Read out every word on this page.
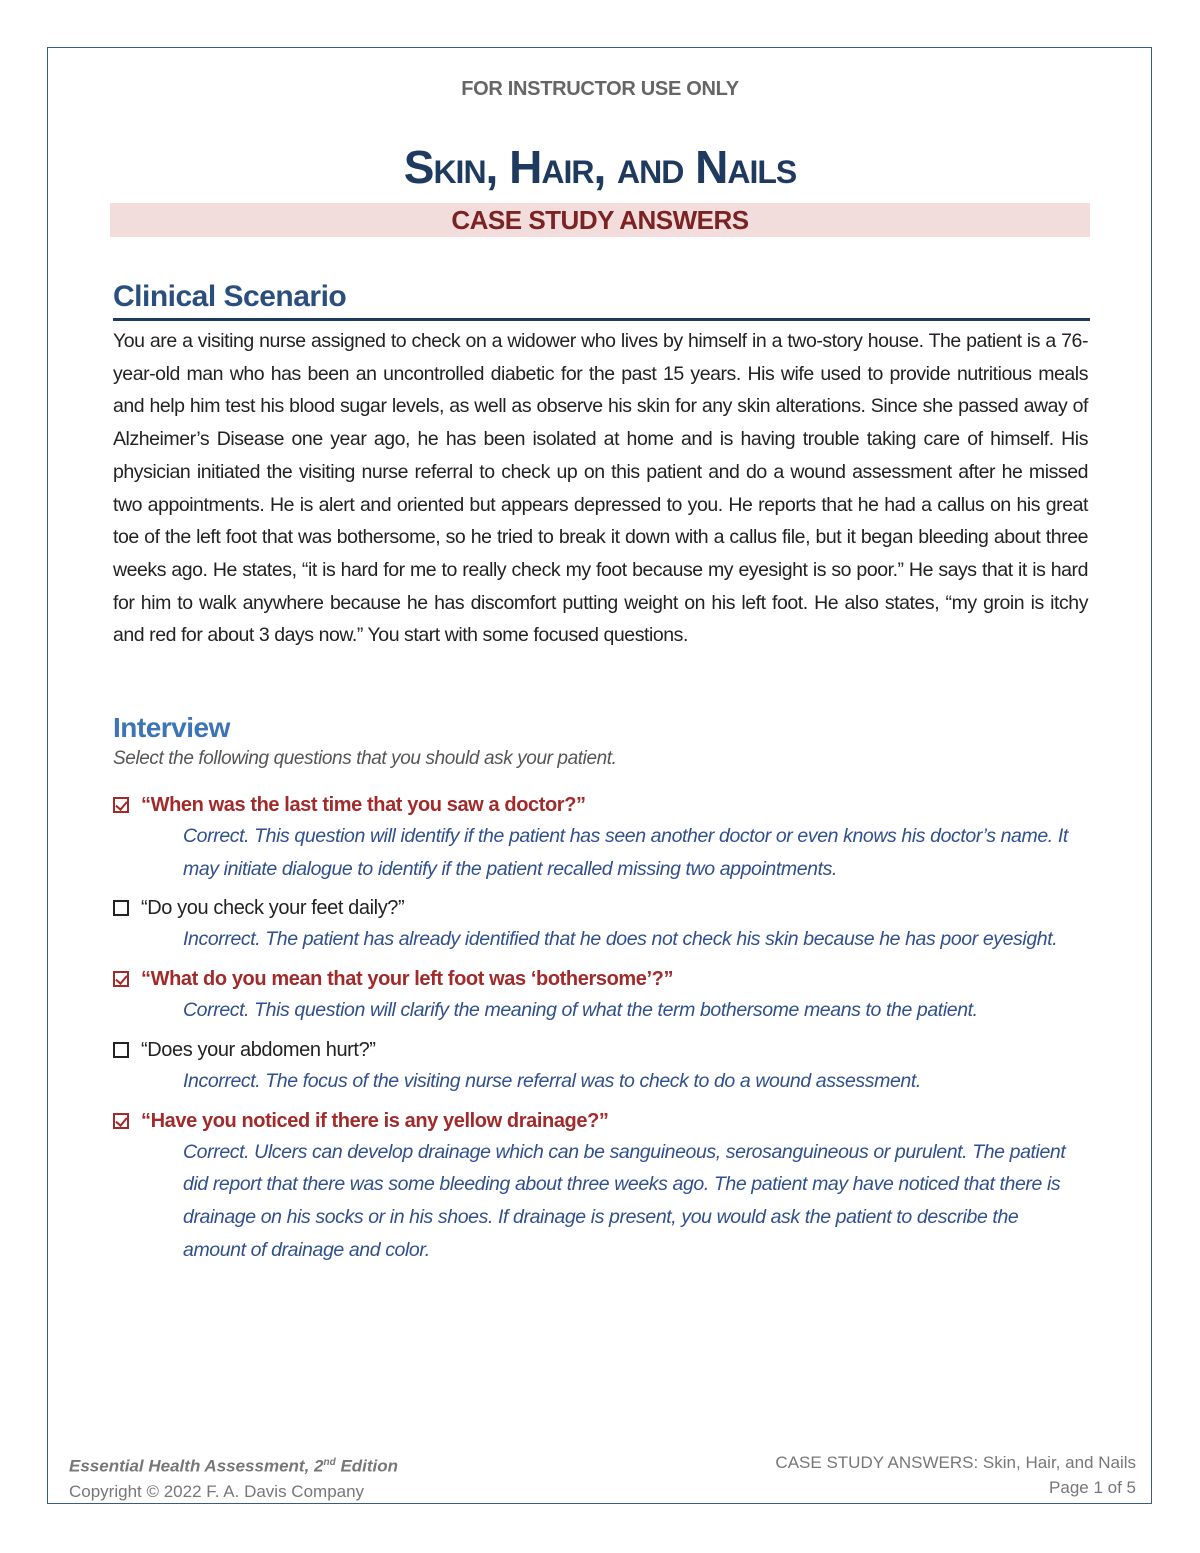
FOR INSTRUCTOR USE ONLY
Skin, Hair, and Nails
CASE STUDY ANSWERS
Clinical Scenario
You are a visiting nurse assigned to check on a widower who lives by himself in a two-story house. The patient is a 76-year-old man who has been an uncontrolled diabetic for the past 15 years. His wife used to provide nutritious meals and help him test his blood sugar levels, as well as observe his skin for any skin alterations. Since she passed away of Alzheimer’s Disease one year ago, he has been isolated at home and is having trouble taking care of himself. His physician initiated the visiting nurse referral to check up on this patient and do a wound assessment after he missed two appointments. He is alert and oriented but appears depressed to you. He reports that he had a callus on his great toe of the left foot that was bothersome, so he tried to break it down with a callus file, but it began bleeding about three weeks ago. He states, “it is hard for me to really check my foot because my eyesight is so poor.” He says that it is hard for him to walk anywhere because he has discomfort putting weight on his left foot. He also states, “my groin is itchy and red for about 3 days now.” You start with some focused questions.
Interview
Select the following questions that you should ask your patient.
“When was the last time that you saw a doctor?”
Correct. This question will identify if the patient has seen another doctor or even knows his doctor’s name. It may initiate dialogue to identify if the patient recalled missing two appointments.
“Do you check your feet daily?”
Incorrect. The patient has already identified that he does not check his skin because he has poor eyesight.
“What do you mean that your left foot was ‘bothersome’?”
Correct. This question will clarify the meaning of what the term bothersome means to the patient.
“Does your abdomen hurt?”
Incorrect. The focus of the visiting nurse referral was to check to do a wound assessment.
“Have you noticed if there is any yellow drainage?”
Correct. Ulcers can develop drainage which can be sanguineous, serosanguineous or purulent. The patient did report that there was some bleeding about three weeks ago. The patient may have noticed that there is drainage on his socks or in his shoes. If drainage is present, you would ask the patient to describe the amount of drainage and color.
Essential Health Assessment, 2nd Edition
Copyright © 2022 F. A. Davis Company
CASE STUDY ANSWERS: Skin, Hair, and Nails
Page 1 of 5
